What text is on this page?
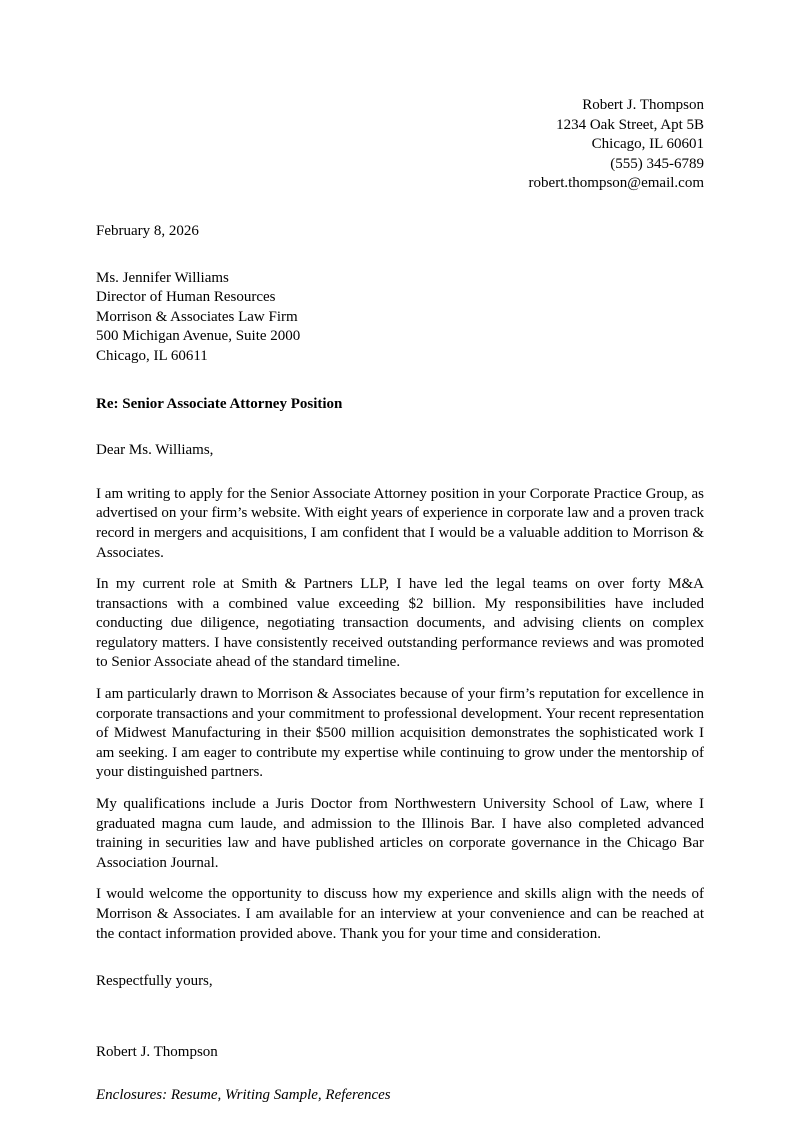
Robert J. Thompson
1234 Oak Street, Apt 5B
Chicago, IL 60601
(555) 345-6789
robert.thompson@email.com
February 8, 2026
Ms. Jennifer Williams
Director of Human Resources
Morrison & Associates Law Firm
500 Michigan Avenue, Suite 2000
Chicago, IL 60611
Re: Senior Associate Attorney Position
Dear Ms. Williams,

I am writing to apply for the Senior Associate Attorney position in your Corporate Practice Group, as advertised on your firm’s website. With eight years of experience in corporate law and a proven track record in mergers and acquisitions, I am confident that I would be a valuable addition to Morrison & Associates.

In my current role at Smith & Partners LLP, I have led the legal teams on over forty M&A transactions with a combined value exceeding $2 billion. My responsibilities have included conducting due diligence, negotiating transaction documents, and advising clients on complex regulatory matters. I have consistently received outstanding performance reviews and was promoted to Senior Associate ahead of the standard timeline.

I am particularly drawn to Morrison & Associates because of your firm’s reputation for excellence in corporate transactions and your commitment to professional development. Your recent representation of Midwest Manufacturing in their $500 million acquisition demonstrates the sophisticated work I am seeking. I am eager to contribute my expertise while continuing to grow under the mentorship of your distinguished partners.

My qualifications include a Juris Doctor from Northwestern University School of Law, where I graduated magna cum laude, and admission to the Illinois Bar. I have also completed advanced training in securities law and have published articles on corporate governance in the Chicago Bar Association Journal.

I would welcome the opportunity to discuss how my experience and skills align with the needs of Morrison & Associates. I am available for an interview at your convenience and can be reached at the contact information provided above. Thank you for your time and consideration.

Respectfully yours,
Robert J. Thompson
Enclosures: Resume, Writing Sample, References
